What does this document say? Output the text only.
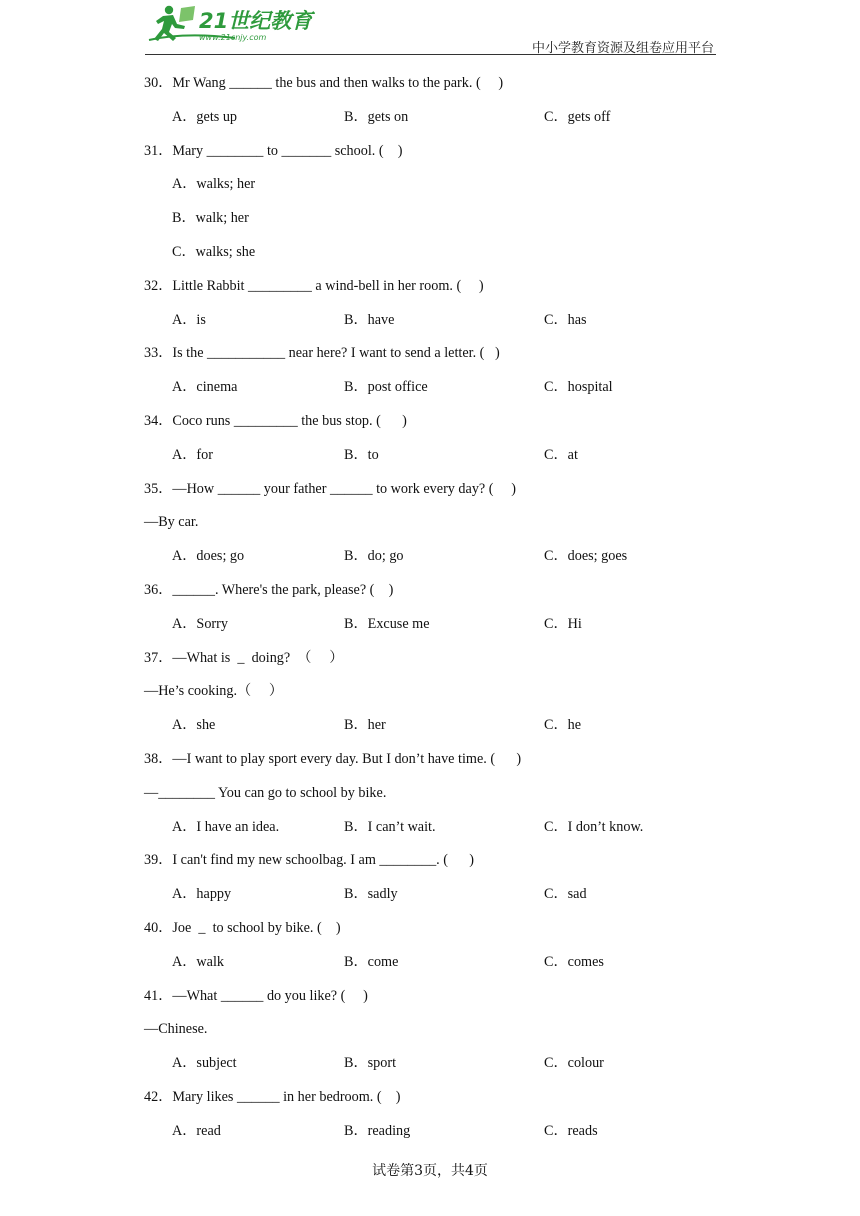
21世纪教育
www.21cnjy.com
中小学教育资源及组卷应用平台
30．Mr Wang ______ the bus and then walks to the park. (     )
A．gets up	B．gets on	C．gets off
31．Mary ________ to _______ school. (    )
A．walks; her
B．walk; her
C．walks; she
32．Little Rabbit _________ a wind-bell in her room. (     )
A．is	B．have	C．has
33．Is the ___________ near here? I want to send a letter. (   )
A．cinema	B．post office	C．hospital
34．Coco runs _________ the bus stop. (      )
A．for	B．to	C．at
35．—How ______ your father ______ to work every day? (     )
—By car.
A．does; go	B．do; go	C．does; goes
36．______. Where's the park, please? (    )
A．Sorry	B．Excuse me	C．Hi
37．—What is  _  doing?  （     ）
—He’s cooking.（     ）
A．she	B．her	C．he
38．—I want to play sport every day. But I don’t have time. (      )
—________ You can go to school by bike.
A．I have an idea.	B．I can’t wait.	C．I don’t know.
39．I can't find my new schoolbag. I am ________. (      )
A．happy	B．sadly	C．sad
40．Joe  _  to school by bike. (    )
A．walk	B．come	C．comes
41．—What ______ do you like? (     )
—Chinese.
A．subject	B．sport	C．colour
42．Mary likes ______ in her bedroom. (    )
A．read	B．reading	C．reads
试卷第3页，共4页
